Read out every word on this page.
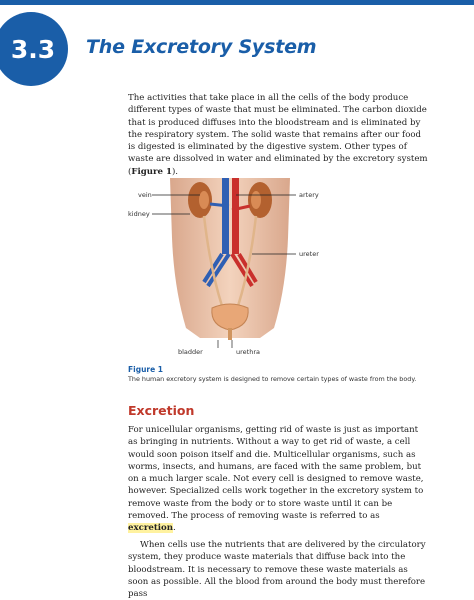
3.3 The Excretory System

The activities that take place in all the cells of the body produce different types of waste that must be eliminated. The carbon dioxide that is produced diffuses into the bloodstream and is eliminated by the respiratory system. The solid waste that remains after our food is digested is eliminated by the digestive system. Other types of waste are dissolved in water and eliminated by the excretory system (Figure 1).

vein
kidney
artery
ureter
bladder	urethra
Figure 1
The human excretory system is designed to remove certain types of waste from the body.
Excretion

For unicellular organisms, getting rid of waste is just as important as bringing in nutrients. Without a way to get rid of waste, a cell would soon poison itself and die. Multicellular organisms, such as worms, insects, and humans, are faced with the same problem, but on a much larger scale. Not every cell is designed to remove waste, however. Specialized cells work together in the excretory system to remove waste from the body or to store waste until it can be removed. The process of removing waste is referred to as excretion.

When cells use the nutrients that are delivered by the circulatory system, they produce waste materials that diffuse back into the bloodstream. It is necessary to remove these waste materials as soon as possible. All the blood from around the body must therefore pass
